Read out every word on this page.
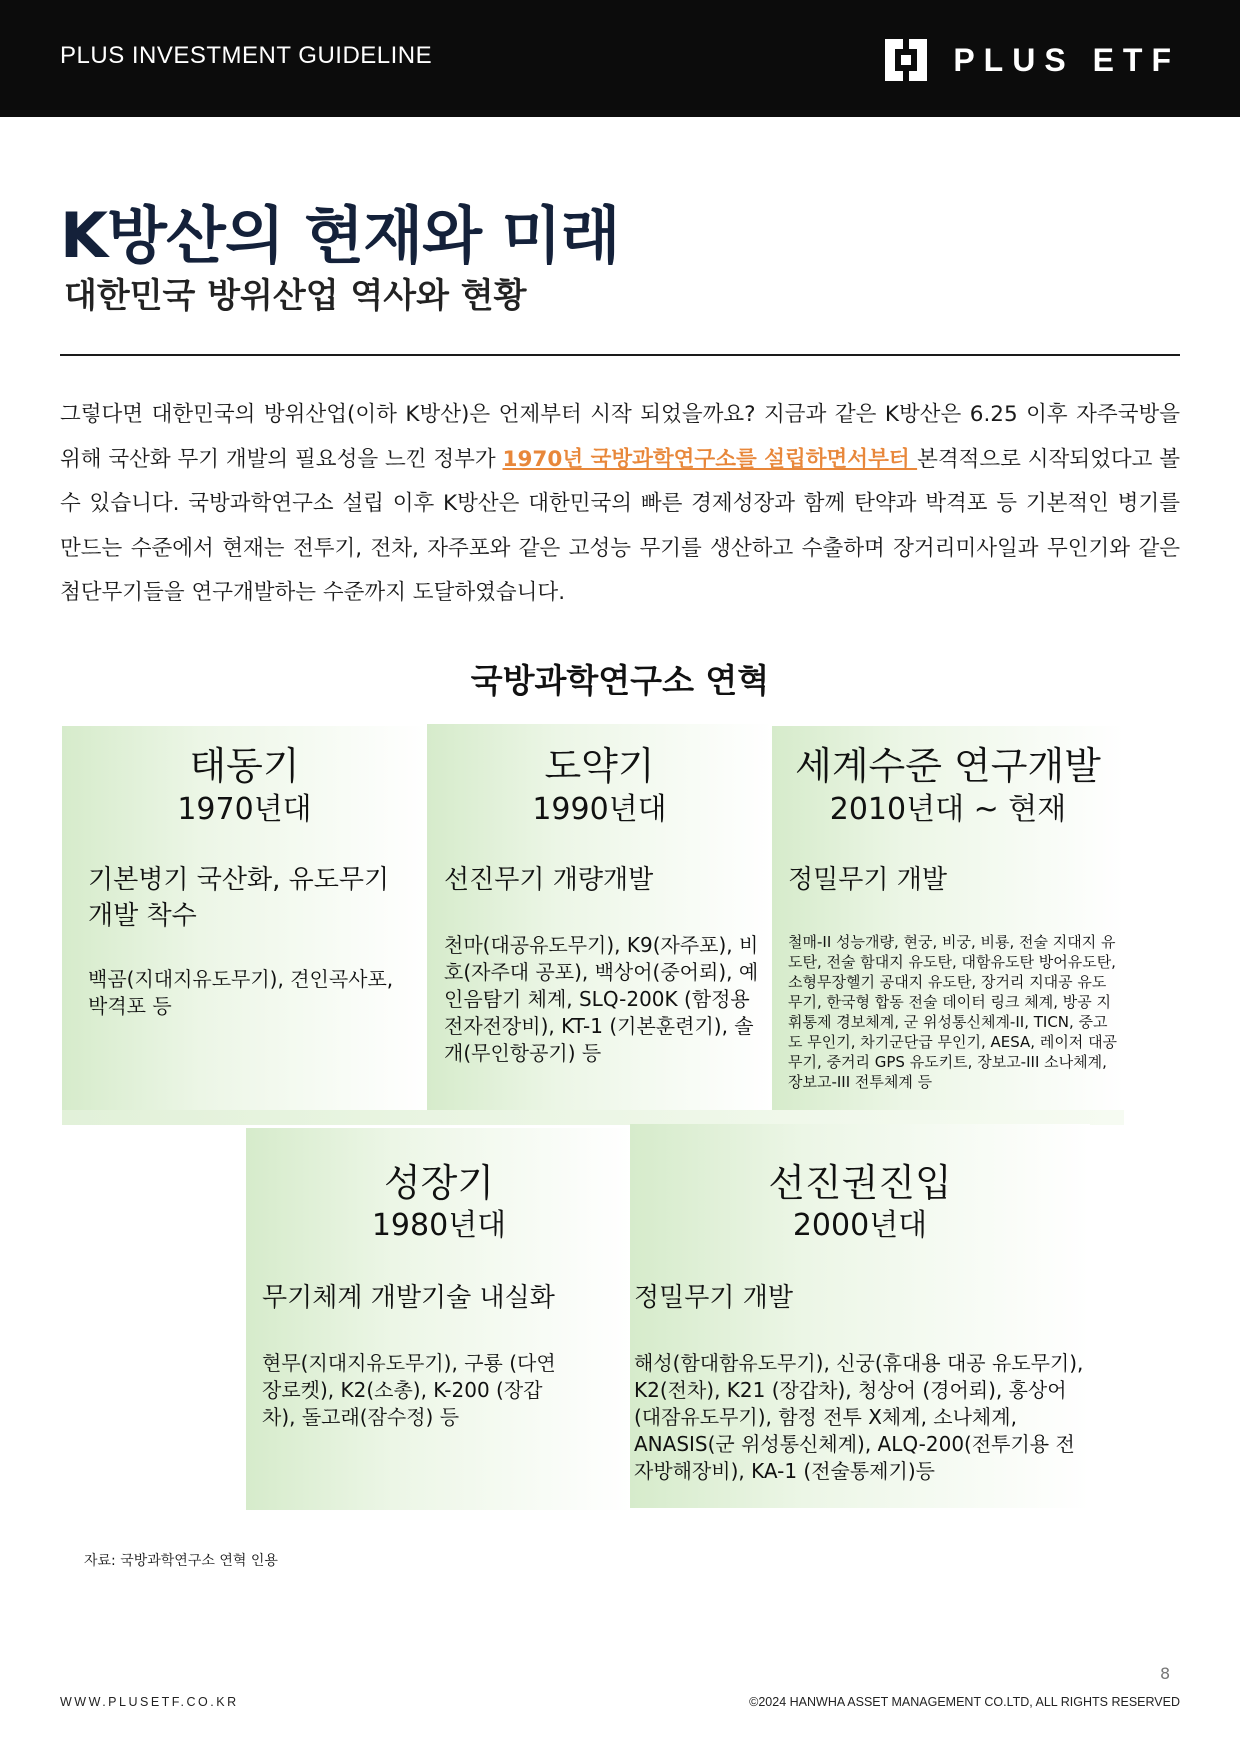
PLUS INVESTMENT GUIDELINE	PLUS ETF
K방산의 현재와 미래
대한민국 방위산업 역사와 현황

그렇다면 대한민국의 방위산업(이하 K방산)은 언제부터 시작 되었을까요? 지금과 같은 K방산은 6.25 이후 자주국방을 위해 국산화 무기 개발의 필요성을 느낀 정부가 1970년 국방과학연구소를 설립하면서부터 본격적으로 시작되었다고 볼 수 있습니다. 국방과학연구소 설립 이후 K방산은 대한민국의 빠른 경제성장과 함께 탄약과 박격포 등 기본적인 병기를 만드는 수준에서 현재는 전투기, 전차, 자주포와 같은 고성능 무기를 생산하고 수출하며 장거리미사일과 무인기와 같은 첨단무기들을 연구개발하는 수준까지 도달하였습니다.

국방과학연구소 연혁
태동기
1970년대
기본병기 국산화, 유도무기 개발 착수
백곰(지대지유도무기), 견인곡사포, 박격포 등
도약기
1990년대
선진무기 개량개발
천마(대공유도무기), K9(자주포), 비호(자주대 공포), 백상어(중어뢰), 예인음탐기 체계, SLQ-200K (함정용 전자전장비), KT-1 (기본훈련기), 솔개(무인항공기) 등
세계수준 연구개발
2010년대 ~ 현재
정밀무기 개발
철매-II 성능개량, 현궁, 비궁, 비룡, 전술 지대지 유도탄, 전술 함대지 유도탄, 대함유도탄 방어유도탄, 소형무장헬기 공대지 유도탄, 장거리 지대공 유도무기, 한국형 합동 전술 데이터 링크 체계, 방공 지휘통제 경보체계, 군 위성통신체계-II, TICN, 중고도 무인기, 차기군단급 무인기, AESA, 레이저 대공무기, 중거리 GPS 유도키트, 장보고-III 소나체계, 장보고-III 전투체계 등
성장기
1980년대
무기체계 개발기술 내실화
현무(지대지유도무기), 구룡 (다연장로켓), K2(소총), K-200 (장갑차), 돌고래(잠수정) 등
선진권진입
2000년대
정밀무기 개발
해성(함대함유도무기), 신궁(휴대용 대공 유도무기), K2(전차), K21 (장갑차), 청상어 (경어뢰), 홍상어 (대잠유도무기), 함정 전투 X체계, 소나체계, ANASIS(군 위성통신체계), ALQ-200(전투기용 전자방해장비), KA-1 (전술통제기)등
자료: 국방과학연구소 연혁 인용
8
WWW.PLUSETF.CO.KR	©2024 HANWHA ASSET MANAGEMENT CO.LTD, ALL RIGHTS RESERVED
